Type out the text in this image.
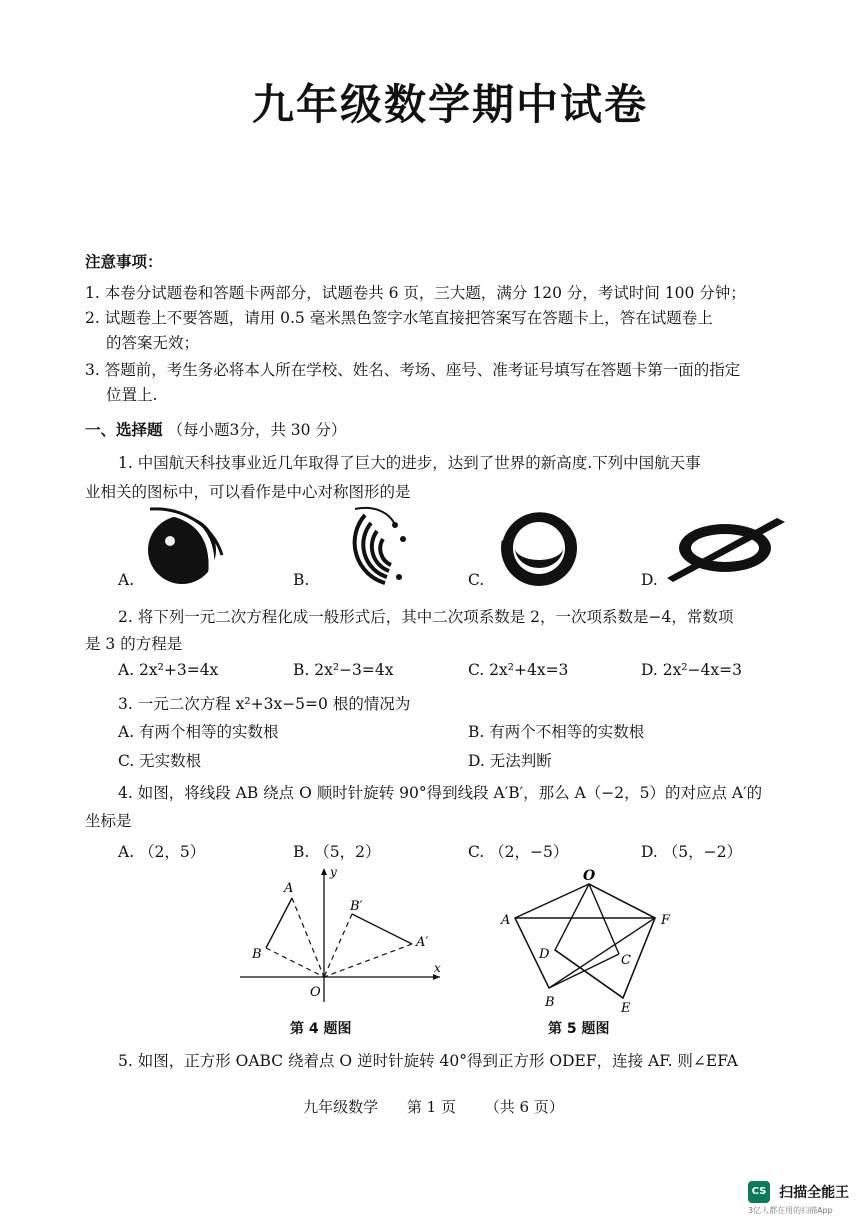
九年级数学期中试卷
注意事项：
1. 本卷分试题卷和答题卡两部分，试题卷共 6 页，三大题，满分 120 分，考试时间 100 分钟；
2. 试题卷上不要答题，请用 0.5 毫米黑色签字水笔直接把答案写在答题卡上，答在试题卷上
的答案无效；
3. 答题前，考生务必将本人所在学校、姓名、考场、座号、准考证号填写在答题卡第一面的指定
位置上.
一、选择题 （每小题3分，共 30 分）
1. 中国航天科技事业近几年取得了巨大的进步，达到了世界的新高度.下列中国航天事
业相关的图标中，可以看作是中心对称图形的是
A.	B.	C.	D.
2. 将下列一元二次方程化成一般形式后，其中二次项系数是 2，一次项系数是−4，常数项
是 3 的方程是
A. 2x²+3=4x	B. 2x²−3=4x	C. 2x²+4x=3	D. 2x²−4x=3
3. 一元二次方程 x²+3x−5=0 根的情况为
A. 有两个相等的实数根	B. 有两个不相等的实数根
C. 无实数根	D. 无法判断
4. 如图，将线段 AB 绕点 O 顺时针旋转 90°得到线段 A′B′，那么 A（−2，5）的对应点 A′的
坐标是
A. （2，5）	B. （5，2）	C. （2，−5）	D. （5，−2）
A
B
B′
A′
O
x
y
第 4 题图
O
A	F
D	C
B	E
第 5 题图
5. 如图，正方形 OABC 绕着点 O 逆时针旋转 40°得到正方形 ODEF，连接 AF. 则∠EFA
九年级数学 第 1 页 （共 6 页）
CS 扫描全能王
3亿人都在用的扫描App
